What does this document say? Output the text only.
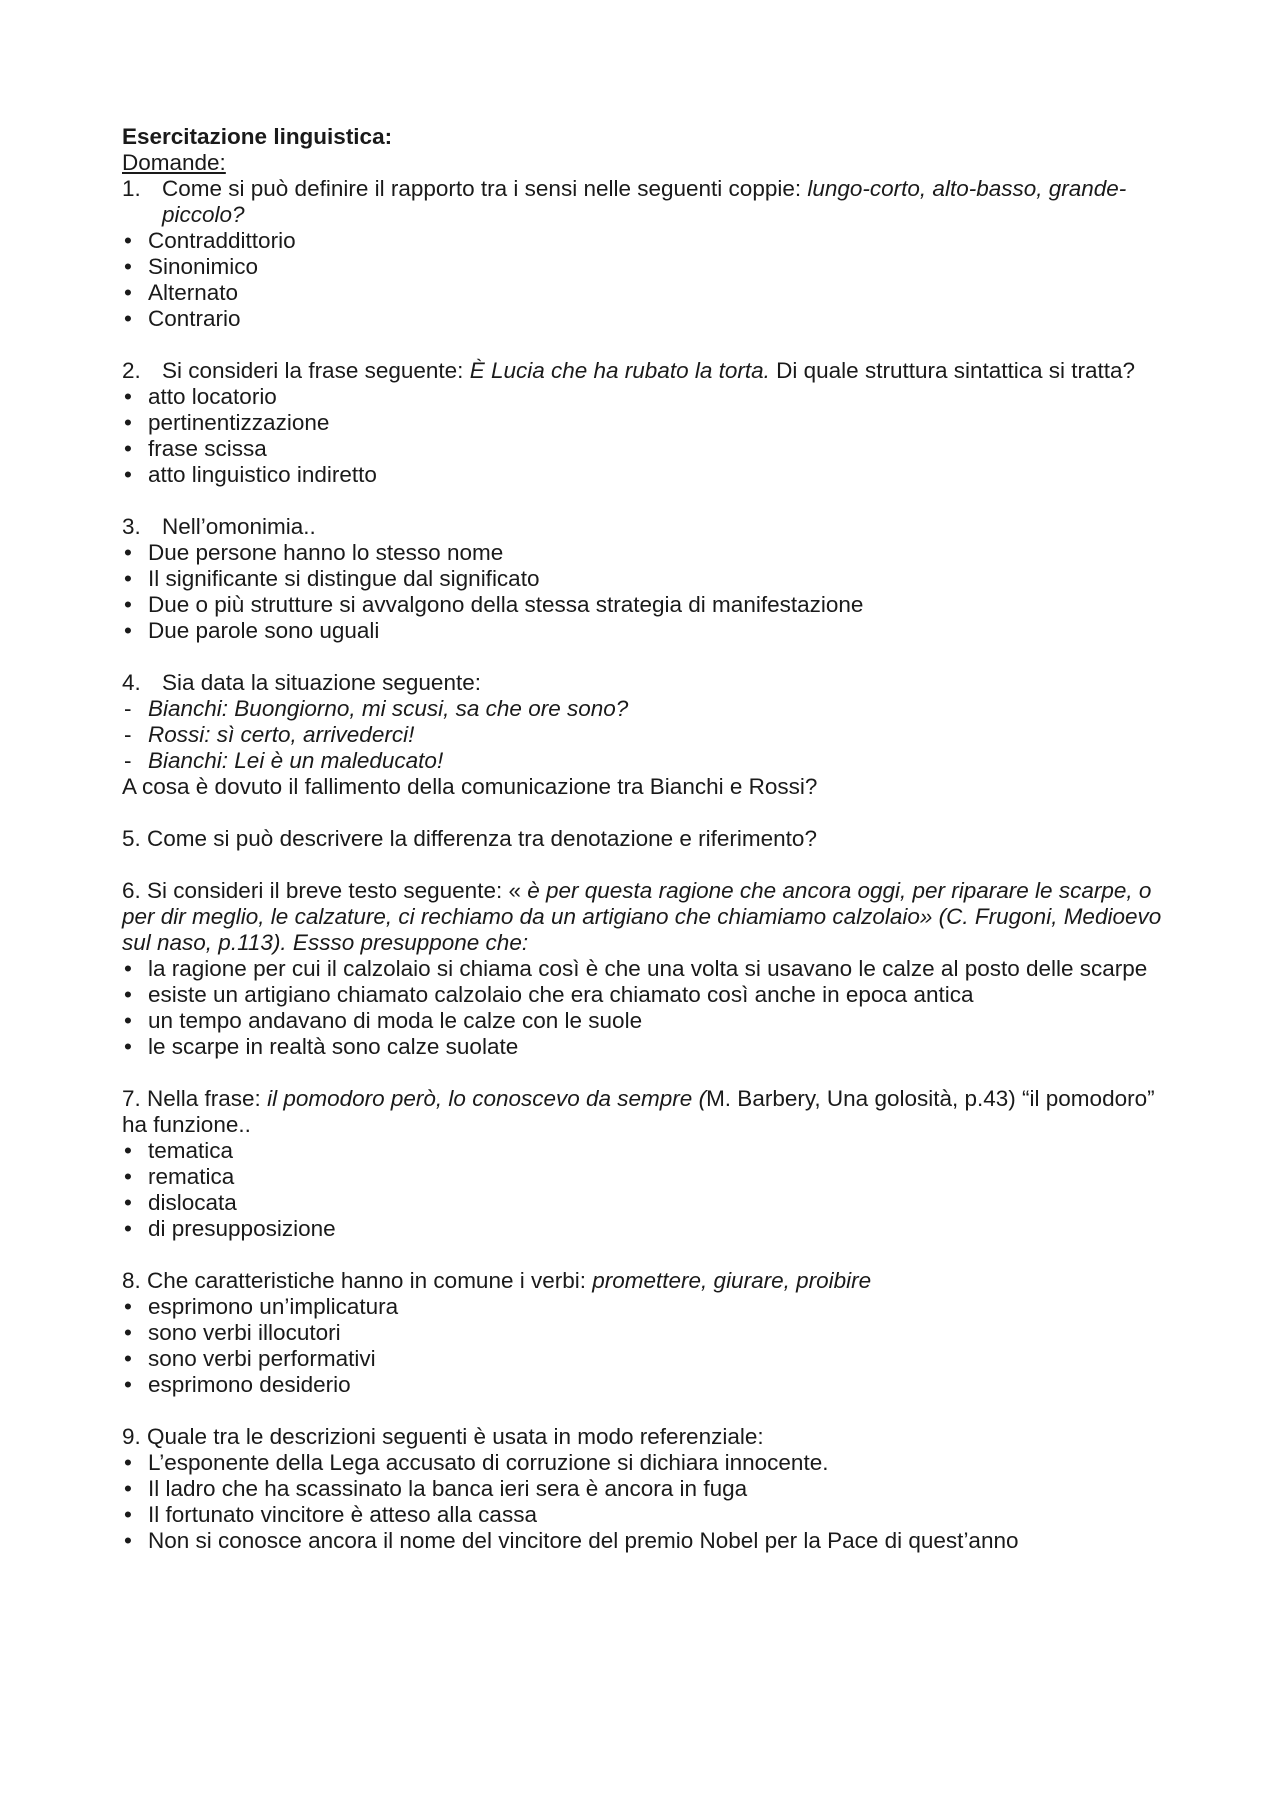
Esercitazione linguistica:
Domande:
1. Come si può definire il rapporto tra i sensi nelle seguenti coppie: lungo-corto, alto-basso, grande-piccolo?
• Contraddittorio
• Sinonimico
• Alternato
• Contrario
2. Si consideri la frase seguente: È Lucia che ha rubato la torta. Di quale struttura sintattica si tratta?
• atto locatorio
• pertinentizzazione
• frase scissa
• atto linguistico indiretto
3. Nell’omonimia..
• Due persone hanno lo stesso nome
• Il significante si distingue dal significato
• Due o più strutture si avvalgono della stessa strategia di manifestazione
• Due parole sono uguali
4. Sia data la situazione seguente:
- Bianchi: Buongiorno, mi scusi, sa che ore sono?
- Rossi: sì certo, arrivederci!
- Bianchi: Lei è un maleducato!
A cosa è dovuto il fallimento della comunicazione tra Bianchi e Rossi?
5. Come si può descrivere la differenza tra denotazione e riferimento?
6. Si consideri il breve testo seguente: « è per questa ragione che ancora oggi, per riparare le scarpe, o per dir meglio, le calzature, ci rechiamo da un artigiano che chiamiamo calzolaio» (C. Frugoni, Medioevo sul naso, p.113). Essso presuppone che:
• la ragione per cui il calzolaio si chiama così è che una volta si usavano le calze al posto delle scarpe
• esiste un artigiano chiamato calzolaio che era chiamato così anche in epoca antica
• un tempo andavano di moda le calze con le suole
• le scarpe in realtà sono calze suolate
7. Nella frase: il pomodoro però, lo conoscevo da sempre (M. Barbery, Una golosità, p.43) “il pomodoro” ha funzione..
• tematica
• rematica
• dislocata
• di presupposizione
8. Che caratteristiche hanno in comune i verbi: promettere, giurare, proibire
• esprimono un’implicatura
• sono verbi illocutori
• sono verbi performativi
• esprimono desiderio
9. Quale tra le descrizioni seguenti è usata in modo referenziale:
• L’esponente della Lega accusato di corruzione si dichiara innocente.
• Il ladro che ha scassinato la banca ieri sera è ancora in fuga
• Il fortunato vincitore è atteso alla cassa
• Non si conosce ancora il nome del vincitore del premio Nobel per la Pace di quest’anno
